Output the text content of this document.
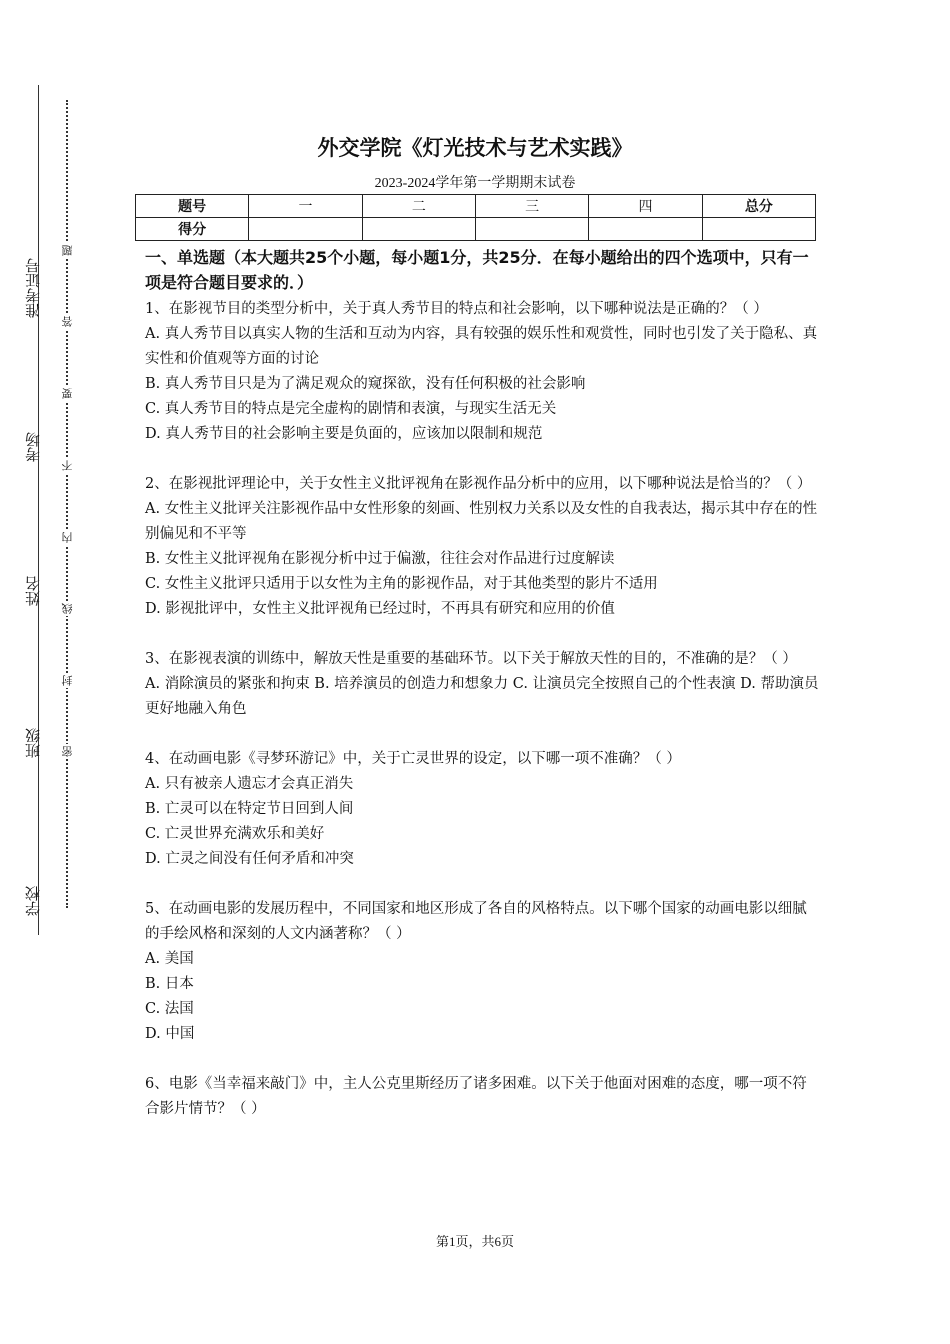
准考证号
考场
姓名
班级
学校
题
答
要
不
内
线
封
密
外交学院《灯光技术与艺术实践》
2023-2024学年第一学期期末试卷
题号	一	二	三	四	总分
得分					
一、单选题（本大题共25个小题，每小题1分，共25分．在每小题给出的四个选项中，只有一项是符合题目要求的．）

1、在影视节目的类型分析中，关于真人秀节目的特点和社会影响，以下哪种说法是正确的？（ ）

A. 真人秀节目以真实人物的生活和互动为内容，具有较强的娱乐性和观赏性，同时也引发了关于隐私、真实性和价值观等方面的讨论

B. 真人秀节目只是为了满足观众的窥探欲，没有任何积极的社会影响

C. 真人秀节目的特点是完全虚构的剧情和表演，与现实生活无关

D. 真人秀节目的社会影响主要是负面的，应该加以限制和规范

2、在影视批评理论中，关于女性主义批评视角在影视作品分析中的应用，以下哪种说法是恰当的？（ ）

A. 女性主义批评关注影视作品中女性形象的刻画、性别权力关系以及女性的自我表达，揭示其中存在的性别偏见和不平等

B. 女性主义批评视角在影视分析中过于偏激，往往会对作品进行过度解读

C. 女性主义批评只适用于以女性为主角的影视作品，对于其他类型的影片不适用

D. 影视批评中，女性主义批评视角已经过时，不再具有研究和应用的价值

3、在影视表演的训练中，解放天性是重要的基础环节。以下关于解放天性的目的，不准确的是？（ ）

A. 消除演员的紧张和拘束 B. 培养演员的创造力和想象力 C. 让演员完全按照自己的个性表演 D. 帮助演员更好地融入角色

4、在动画电影《寻梦环游记》中，关于亡灵世界的设定，以下哪一项不准确？（ ）

A. 只有被亲人遗忘才会真正消失

B. 亡灵可以在特定节日回到人间

C. 亡灵世界充满欢乐和美好

D. 亡灵之间没有任何矛盾和冲突

5、在动画电影的发展历程中，不同国家和地区形成了各自的风格特点。以下哪个国家的动画电影以细腻的手绘风格和深刻的人文内涵著称？（ ）

A. 美国

B. 日本

C. 法国

D. 中国

6、电影《当幸福来敲门》中，主人公克里斯经历了诸多困难。以下关于他面对困难的态度，哪一项不符合影片情节？（ ）

第1页，共6页
